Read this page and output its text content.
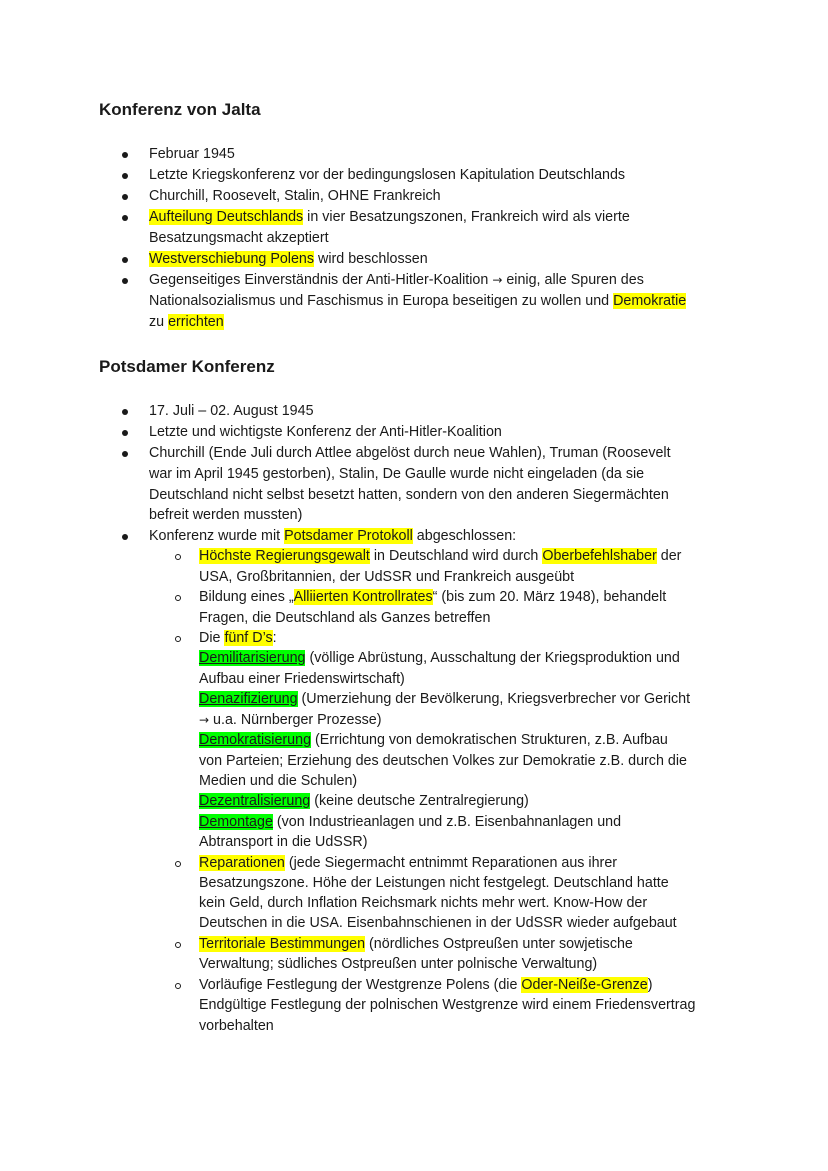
Konferenz von Jalta
Februar 1945
Letzte Kriegskonferenz vor der bedingungslosen Kapitulation Deutschlands
Churchill, Roosevelt, Stalin, OHNE Frankreich
Aufteilung Deutschlands in vier Besatzungszonen, Frankreich wird als vierte
Besatzungsmacht akzeptiert
Westverschiebung Polens wird beschlossen
Gegenseitiges Einverständnis der Anti-Hitler-Koalition → einig, alle Spuren des
Nationalsozialismus und Faschismus in Europa beseitigen zu wollen und Demokratie
zu errichten
Potsdamer Konferenz
17. Juli – 02. August 1945
Letzte und wichtigste Konferenz der Anti-Hitler-Koalition
Churchill (Ende Juli durch Attlee abgelöst durch neue Wahlen), Truman (Roosevelt
war im April 1945 gestorben), Stalin, De Gaulle wurde nicht eingeladen (da sie
Deutschland nicht selbst besetzt hatten, sondern von den anderen Siegermächten
befreit werden mussten)
Konferenz wurde mit Potsdamer Protokoll abgeschlossen:
Höchste Regierungsgewalt in Deutschland wird durch Oberbefehlshaber der
USA, Großbritannien, der UdSSR und Frankreich ausgeübt
Bildung eines „Alliierten Kontrollrates“ (bis zum 20. März 1948), behandelt
Fragen, die Deutschland als Ganzes betreffen
Die fünf D’s:
Demilitarisierung (völlige Abrüstung, Ausschaltung der Kriegsproduktion und
Aufbau einer Friedenswirtschaft)
Denazifizierung (Umerziehung der Bevölkerung, Kriegsverbrecher vor Gericht
→ u.a. Nürnberger Prozesse)
Demokratisierung (Errichtung von demokratischen Strukturen, z.B. Aufbau
von Parteien; Erziehung des deutschen Volkes zur Demokratie z.B. durch die
Medien und die Schulen)
Dezentralisierung (keine deutsche Zentralregierung)
Demontage (von Industrieanlagen und z.B. Eisenbahnanlagen und
Abtransport in die UdSSR)
Reparationen (jede Siegermacht entnimmt Reparationen aus ihrer
Besatzungszone. Höhe der Leistungen nicht festgelegt. Deutschland hatte
kein Geld, durch Inflation Reichsmark nichts mehr wert. Know-How der
Deutschen in die USA. Eisenbahnschienen in der UdSSR wieder aufgebaut
Territoriale Bestimmungen (nördliches Ostpreußen unter sowjetische
Verwaltung; südliches Ostpreußen unter polnische Verwaltung)
Vorläufige Festlegung der Westgrenze Polens (die Oder-Neiße-Grenze)
Endgültige Festlegung der polnischen Westgrenze wird einem Friedensvertrag
vorbehalten
